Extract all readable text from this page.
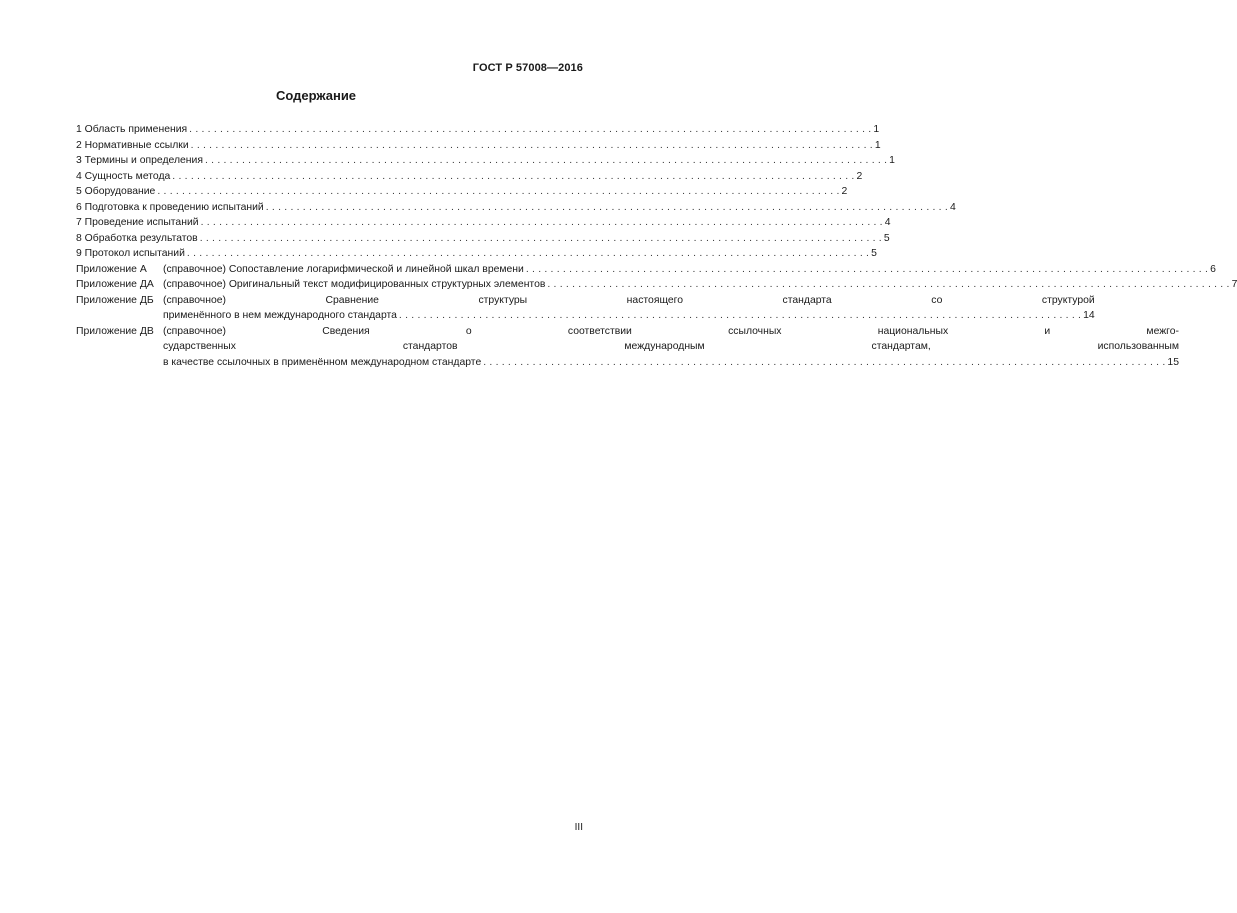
ГОСТ Р 57008—2016
Содержание
1 Область применения . . .	1
2 Нормативные ссылки . . .	1
3 Термины и определения . . .	1
4 Сущность метода . . .	2
5 Оборудование . . .	2
6 Подготовка к проведению испытаний . . .	4
7 Проведение испытаний . . .	4
8 Обработка результатов . . .	5
9 Протокол испытаний . . .	5
Приложение А	(справочное) Сопоставление логарифмической и линейной шкал времени . . .	6
Приложение ДА (справочное) Оригинальный текст модифицированных структурных элементов . . .	7
Приложение ДБ (справочное) Сравнение структуры настоящего стандарта со структурой
применённого в нем международного стандарта . . .	14
Приложение ДВ (справочное) Сведения о соответствии ссылочных национальных и межго-
сударственных стандартов международным стандартам, использованным
в качестве ссылочных в применённом международном стандарте . . .	15
III
